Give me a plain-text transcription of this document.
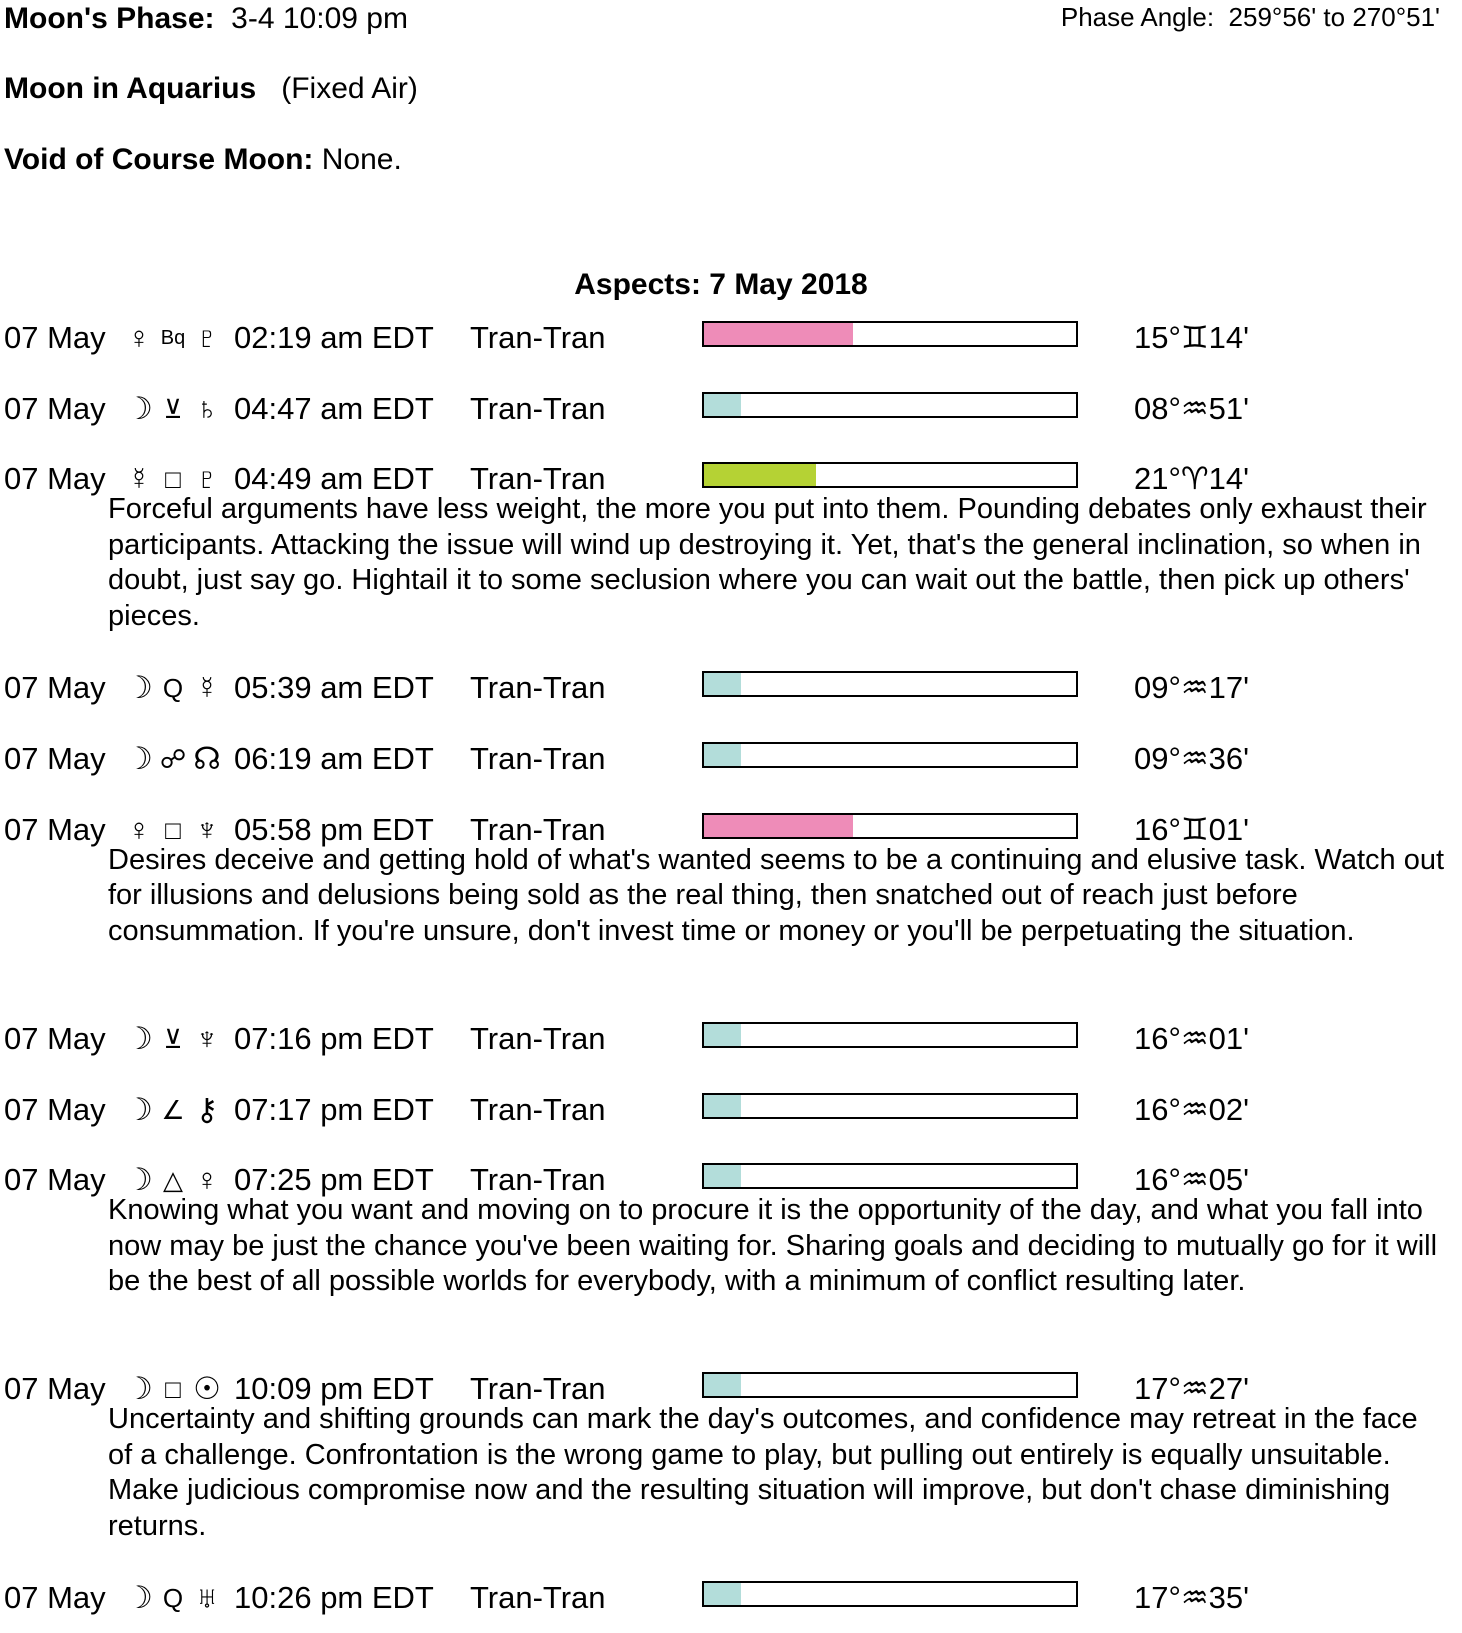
Moon's Phase: 3-4 10:09 pm	Phase Angle: 259°56' to 270°51'
Moon in Aquarius (Fixed Air)
Void of Course Moon: None.
Aspects: 7 May 2018
07 May ♀ Bq ♇ 02:19 am EDT Tran-Tran	15°♊14'
07 May ☽ ⊻ ♄ 04:47 am EDT Tran-Tran	08°♒51'
07 May ☿ □ ♇ 04:49 am EDT Tran-Tran	21°♈14'
Forceful arguments have less weight, the more you put into them. Pounding debates only exhaust their participants. Attacking the issue will wind up destroying it. Yet, that's the general inclination, so when in doubt, just say go. Hightail it to some seclusion where you can wait out the battle, then pick up others' pieces.
07 May ☽ Q ☿ 05:39 am EDT Tran-Tran	09°♒17'
07 May ☽ ☍ ☊ 06:19 am EDT Tran-Tran	09°♒36'
07 May ♀ □ ♆ 05:58 pm EDT Tran-Tran	16°♊01'
Desires deceive and getting hold of what's wanted seems to be a continuing and elusive task. Watch out for illusions and delusions being sold as the real thing, then snatched out of reach just before consummation. If you're unsure, don't invest time or money or you'll be perpetuating the situation.
07 May ☽ ⊻ ♆ 07:16 pm EDT Tran-Tran	16°♒01'
07 May ☽ ∠ ⚷ 07:17 pm EDT Tran-Tran	16°♒02'
07 May ☽ △ ♀ 07:25 pm EDT Tran-Tran	16°♒05'
Knowing what you want and moving on to procure it is the opportunity of the day, and what you fall into now may be just the chance you've been waiting for. Sharing goals and deciding to mutually go for it will be the best of all possible worlds for everybody, with a minimum of conflict resulting later.
07 May ☽ □ ☉ 10:09 pm EDT Tran-Tran	17°♒27'
Uncertainty and shifting grounds can mark the day's outcomes, and confidence may retreat in the face of a challenge. Confrontation is the wrong game to play, but pulling out entirely is equally unsuitable. Make judicious compromise now and the resulting situation will improve, but don't chase diminishing returns.
07 May ☽ Q ♅ 10:26 pm EDT Tran-Tran	17°♒35'
